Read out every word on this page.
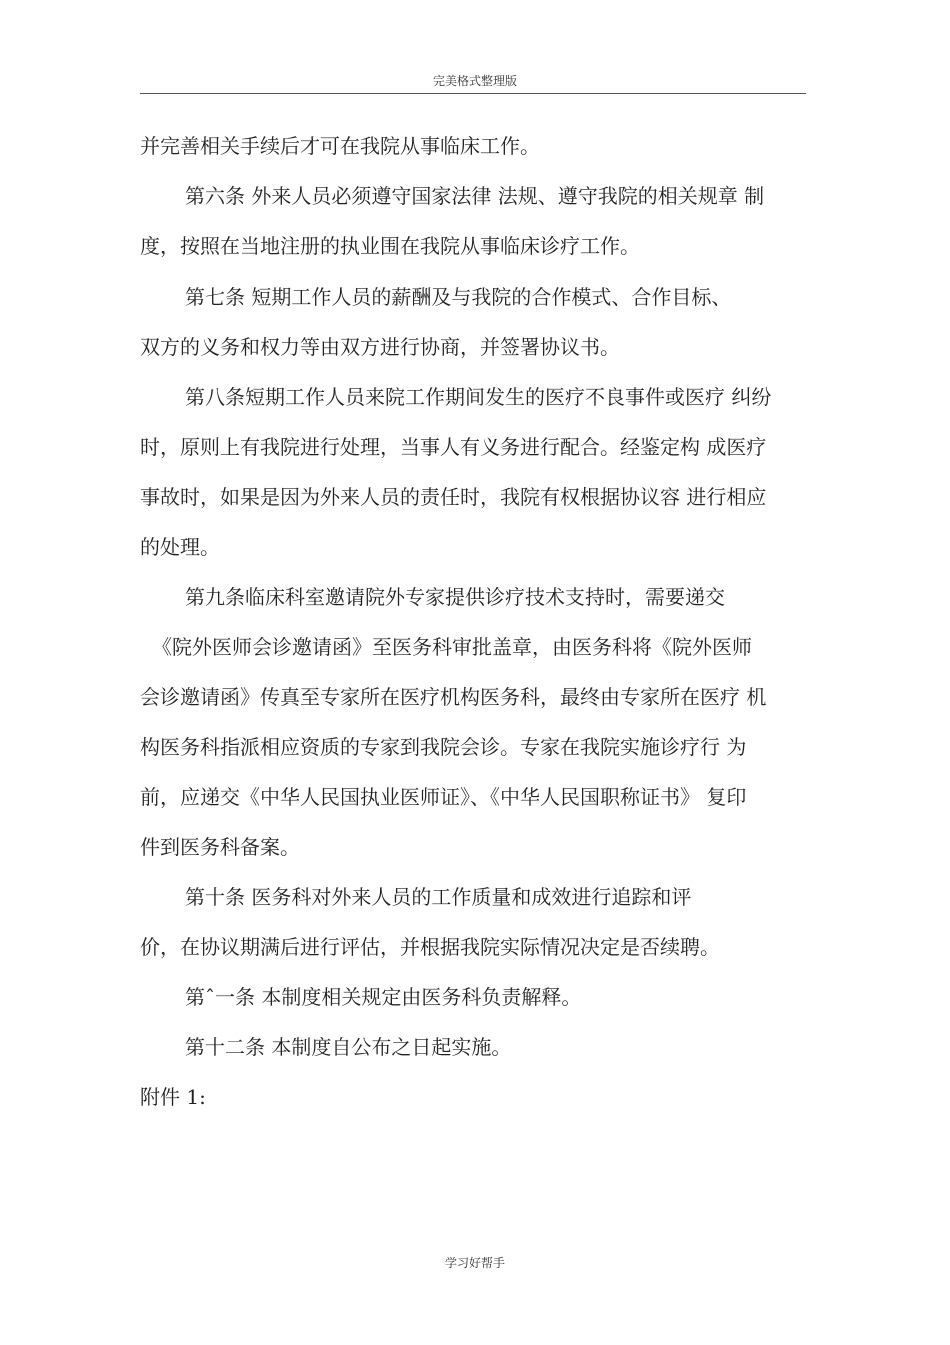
完美格式整理版
并完善相关手续后才可在我院从事临床工作。
第六条 外来人员必须遵守国家法律 法规、遵守我院的相关规章 制
度，按照在当地注册的执业围在我院从事临床诊疗工作。
第七条 短期工作人员的薪酬及与我院的合作模式、合作目标、
双方的义务和权力等由双方进行协商，并签署协议书。
第八条短期工作人员来院工作期间发生的医疗不良事件或医疗 纠纷
时，原则上有我院进行处理，当事人有义务进行配合。经鉴定构 成医疗
事故时，如果是因为外来人员的责任时，我院有权根据协议容 进行相应
的处理。
第九条临床科室邀请院外专家提供诊疗技术支持时，需要递交
《院外医师会诊邀请函》至医务科审批盖章，由医务科将《院外医师
会诊邀请函》传真至专家所在医疗机构医务科，最终由专家所在医疗 机
构医务科指派相应资质的专家到我院会诊。专家在我院实施诊疗行 为
前，应递交《中华人民国执业医师证》、《中华人民国职称证书》 复印
件到医务科备案。
第十条 医务科对外来人员的工作质量和成效进行追踪和评
价，在协议期满后进行评估，并根据我院实际情况决定是否续聘。
第ˆ一条 本制度相关规定由医务科负责解释。
第十二条 本制度自公布之日起实施。
附件 1:
学习好帮手
